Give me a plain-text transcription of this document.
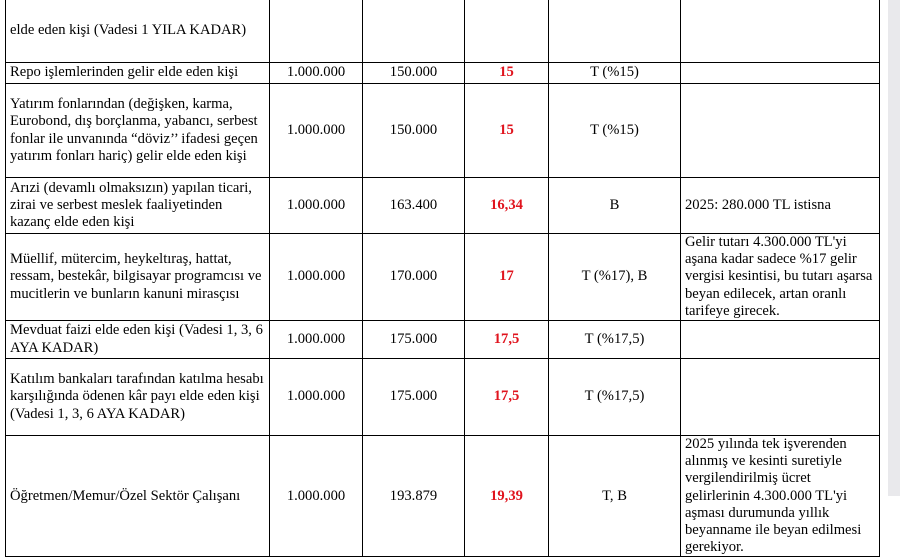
elde eden kişi (Vadesi 1 YILA KADAR)					
Repo işlemlerinden gelir elde eden kişi	1.000.000	150.000	15	T (%15)	
Yatırım fonlarından (değişken, karma, Eurobond, dış borçlanma, yabancı, serbest fonlar ile unvanında “döviz’’ ifadesi geçen yatırım fonları hariç) gelir elde eden kişi	1.000.000	150.000	15	T (%15)	
Arızi (devamlı olmaksızın) yapılan ticari, zirai ve serbest meslek faaliyetinden kazanç elde eden kişi	1.000.000	163.400	16,34	B	2025: 280.000 TL istisna
Müellif, mütercim, heykeltıraş, hattat, ressam, bestekâr, bilgisayar programcısı ve mucitlerin ve bunların kanuni mirasçısı	1.000.000	170.000	17	T (%17), B	Gelir tutarı 4.300.000 TL'yi aşana kadar sadece %17 gelir vergisi kesintisi, bu tutarı aşarsa beyan edilecek, artan oranlı tarifeye girecek.
Mevduat faizi elde eden kişi (Vadesi 1, 3, 6 AYA KADAR)	1.000.000	175.000	17,5	T (%17,5)	
Katılım bankaları tarafından katılma hesabı karşılığında ödenen kâr payı elde eden kişi (Vadesi 1, 3, 6 AYA KADAR)	1.000.000	175.000	17,5	T (%17,5)	
Öğretmen/Memur/Özel Sektör Çalışanı	1.000.000	193.879	19,39	T, B	2025 yılında tek işverenden alınmış ve kesinti suretiyle vergilendirilmiş ücret gelirlerinin 4.300.000 TL'yi aşması durumunda yıllık beyanname ile beyan edilmesi gerekiyor.
